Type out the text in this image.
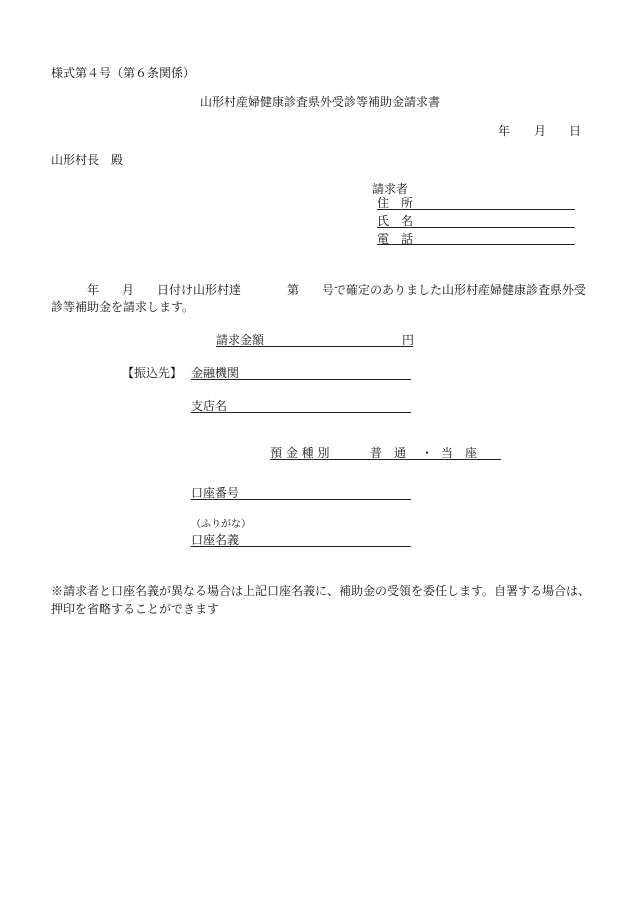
様式第４号（第６条関係）
山形村産婦健康診査県外受診等補助金請求書
年 月 日
山形村長　殿
請求者
住　所
氏　名
電　話
年 月 日付け山形村達	第 号で確定のありました山形村産婦健康診査県外受
診等補助金を請求します。
請求金額	円
【振込先】 金融機関
支店名
預 金 種 別	普　通 ・ 当　座
口座番号
（ふりがな）
口座名義
※請求者と口座名義が異なる場合は上記口座名義に、補助金の受領を委任します。自署する場合は、
押印を省略することができます
